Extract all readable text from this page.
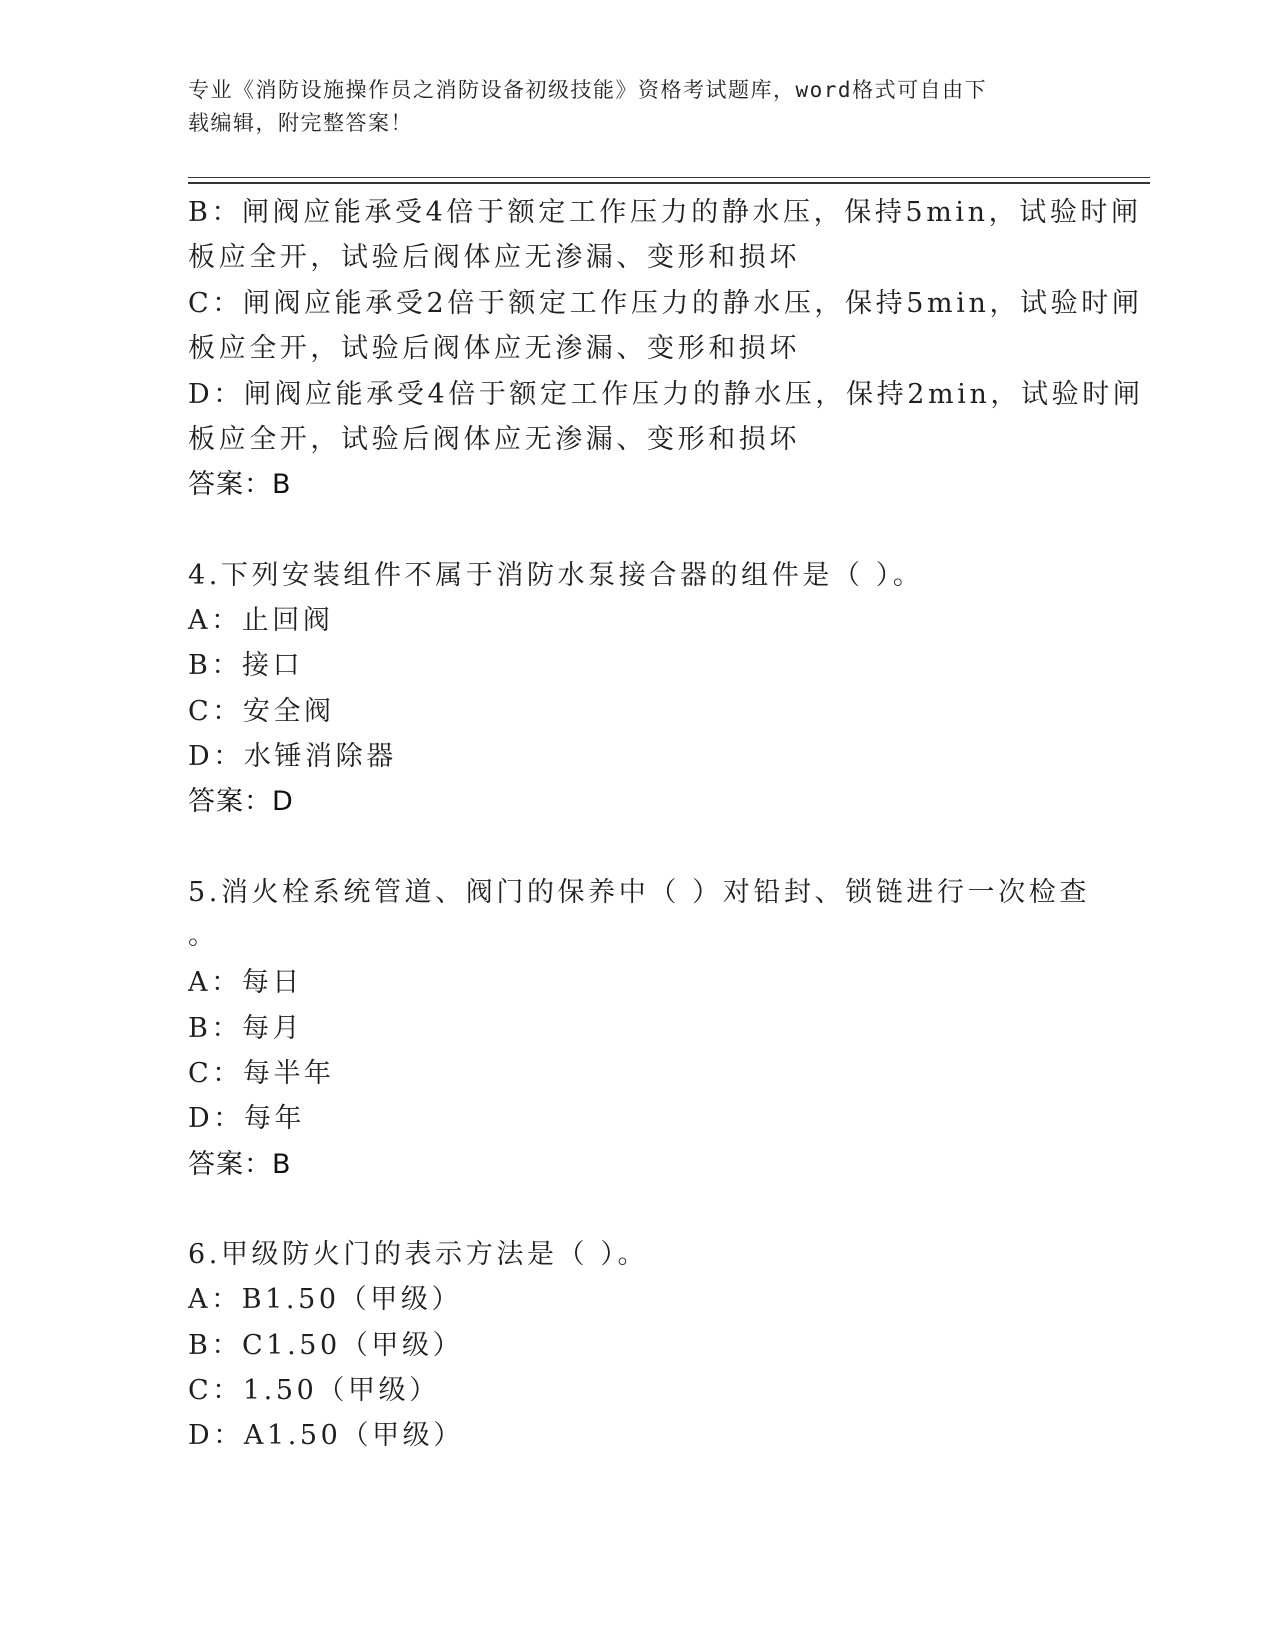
专业《消防设施操作员之消防设备初级技能》资格考试题库，word格式可自由下
载编辑，附完整答案！
B：闸阀应能承受4倍于额定工作压力的静水压，保持5min，试验时闸
板应全开，试验后阀体应无渗漏、变形和损坏
C：闸阀应能承受2倍于额定工作压力的静水压，保持5min，试验时闸
板应全开，试验后阀体应无渗漏、变形和损坏
D：闸阀应能承受4倍于额定工作压力的静水压，保持2min，试验时闸
板应全开，试验后阀体应无渗漏、变形和损坏
答案：B
4.下列安装组件不属于消防水泵接合器的组件是（ ）。
A：止回阀
B：接口
C：安全阀
D：水锤消除器
答案：D
5.消火栓系统管道、阀门的保养中（ ）对铅封、锁链进行一次检查
。
A：每日
B：每月
C：每半年
D：每年
答案：B
6.甲级防火门的表示方法是（ ）。
A：B1.50（甲级）
B：C1.50（甲级）
C：1.50（甲级）
D：A1.50（甲级）
